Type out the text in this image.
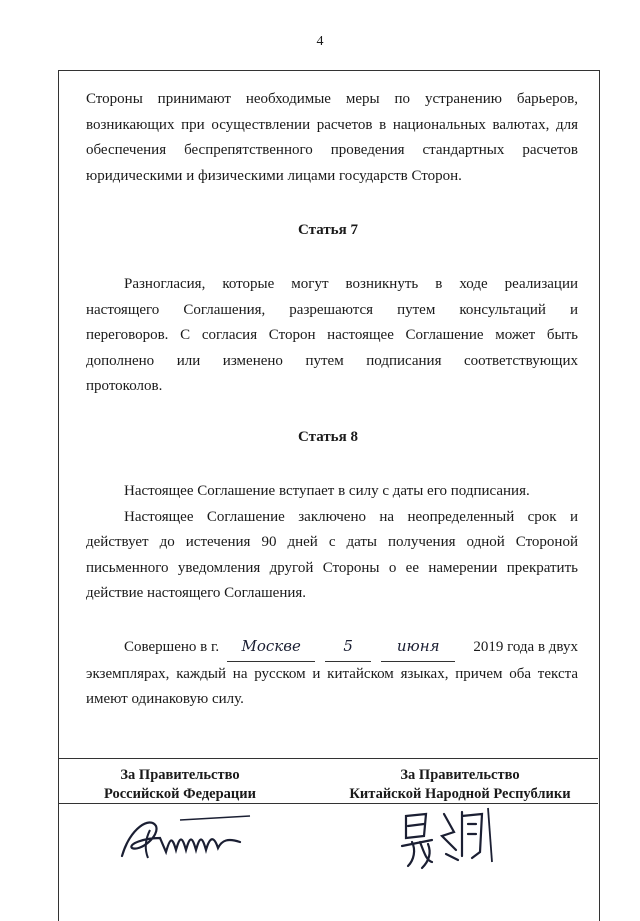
4
Стороны принимают необходимые меры по устранению барьеров,
возникающих при осуществлении расчетов в национальных валютах, для
обеспечения беспрепятственного проведения стандартных расчетов
юридическими и физическими лицами государств Сторон.
Статья 7
Разногласия, которые могут возникнуть в ходе реализации
настоящего Соглашения, разрешаются путем консультаций и
переговоров. С согласия Сторон настоящее Соглашение может быть
дополнено или изменено путем подписания соответствующих
протоколов.
Статья 8
Настоящее Соглашение вступает в силу с даты его подписания.
Настоящее Соглашение заключено на неопределенный срок и
действует до истечения 90 дней с даты получения одной Стороной
письменного уведомления другой Стороны о ее намерении прекратить
действие настоящего Соглашения.
Совершено в г.	Москве	5	июня	2019 года в двух
экземплярах, каждый на русском и китайском языках, причем оба текста
имеют одинаковую силу.
За Правительство
Российской Федерации
За Правительство
Китайской Народной Республики
